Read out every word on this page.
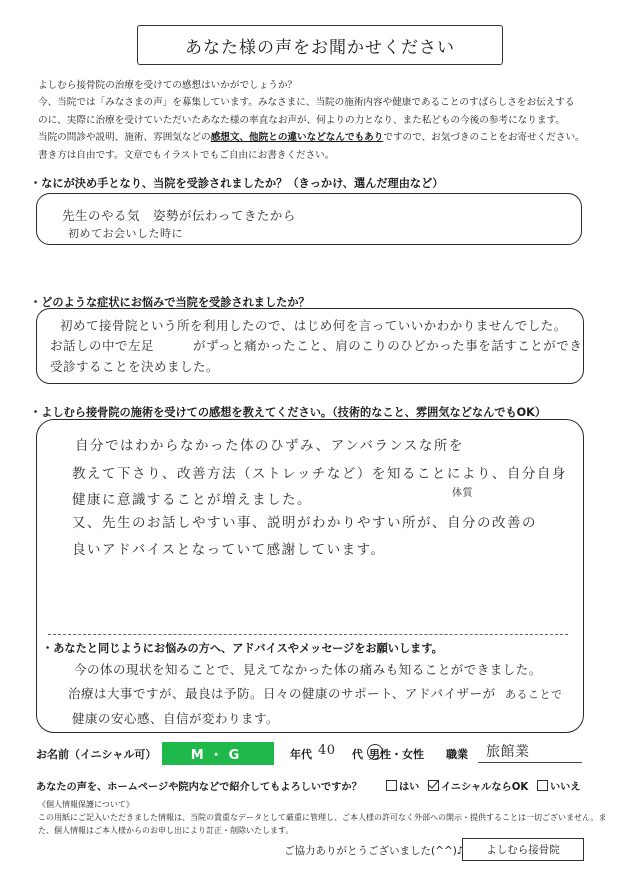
あなた様の声をお聞かせください
よしむら接骨院の治療を受けての感想はいかがでしょうか？
今、当院では「みなさまの声」を募集しています。みなさまに、当院の施術内容や健康であることのすばらしさをお伝えする
のに、実際に治療を受けていただいたあなた様の率直なお声が、何よりの力となり、また私どもの今後の参考になります。
当院の問診や説明、施術、雰囲気などの感想文、他院との違いなどなんでもありですので、お気づきのことをお寄せください。
書き方は自由です。文章でもイラストでもご自由にお書きください。
・なにが決め手となり、当院を受診されましたか？（きっかけ、選んだ理由など）
先生のやる気　姿勢が伝わってきたから
初めてお会いした時に
・どのような症状にお悩みで当院を受診されましたか？
初めて接骨院という所を利用したので、はじめ何を言っていいかわかりませんでした。
お話しの中で左足　　　がずっと痛かったこと、肩のこりのひどかった事を話すことができ
受診することを決めました。
・よしむら接骨院の施術を受けての感想を教えてください。（技術的なこと、雰囲気などなんでもOK）
自分ではわからなかった体のひずみ、アンバランスな所を
教えて下さり、改善方法（ストレッチなど）を知ることにより、自分自身
健康に意識することが増えました。	体質
又、先生のお話しやすい事、説明がわかりやすい所が、自分の改善の
良いアドバイスとなっていて感謝しています。
・あなたと同じようにお悩みの方へ、アドバイスやメッセージをお願いします。
今の体の現状を知ることで、見えてなかった体の痛みも知ることができました。
治療は大事ですが、最良は予防。日々の健康のサポート、アドバイザーが あることで
健康の安心感、自信が変わります。
お名前（イニシャル可）	M・G	年代 40 代 男性・女性 職業 旅館業
あなたの声を、ホームページや院内などで紹介してもよろしいですか？	はい	イニシャルならOK	いいえ
《個人情報保護について》
この用紙にご記入いただきました情報は、当院の貴重なデータとして厳重に管理し、ご本人様の許可なく外部への開示・提供することは一切ございません。ま
た、個人情報はご本人様からのお申し出により訂正・削除いたします。
ご協力ありがとうございました(^^)♪	よしむら接骨院
